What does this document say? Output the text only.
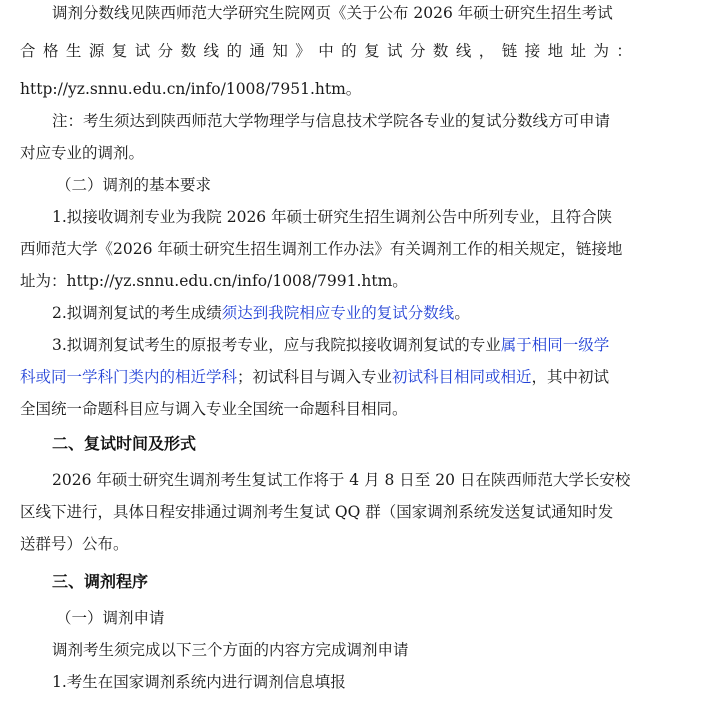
调剂分数线见陕西师范大学研究生院网页《关于公布 2026 年硕士研究生招生考试
合 格 生 源 复 试 分 数 线 的 通 知 》 中 的 复 试 分 数 线 ， 链 接 地 址 为 ：
http://yz.snnu.edu.cn/info/1008/7951.htm。
注：考生须达到陕西师范大学物理学与信息技术学院各专业的复试分数线方可申请
对应专业的调剂。
（二）调剂的基本要求
1.拟接收调剂专业为我院 2026 年硕士研究生招生调剂公告中所列专业，且符合陕
西师范大学《2026 年硕士研究生招生调剂工作办法》有关调剂工作的相关规定，链接地
址为：http://yz.snnu.edu.cn/info/1008/7991.htm。
2.拟调剂复试的考生成绩须达到我院相应专业的复试分数线。
3.拟调剂复试考生的原报考专业，应与我院拟接收调剂复试的专业属于相同一级学
科或同一学科门类内的相近学科；初试科目与调入专业初试科目相同或相近，其中初试
全国统一命题科目应与调入专业全国统一命题科目相同。
二、复试时间及形式
2026 年硕士研究生调剂考生复试工作将于 4 月 8 日至 20 日在陕西师范大学长安校
区线下进行，具体日程安排通过调剂考生复试 QQ 群（国家调剂系统发送复试通知时发
送群号）公布。
三、调剂程序
（一）调剂申请
调剂考生须完成以下三个方面的内容方完成调剂申请
1.考生在国家调剂系统内进行调剂信息填报
